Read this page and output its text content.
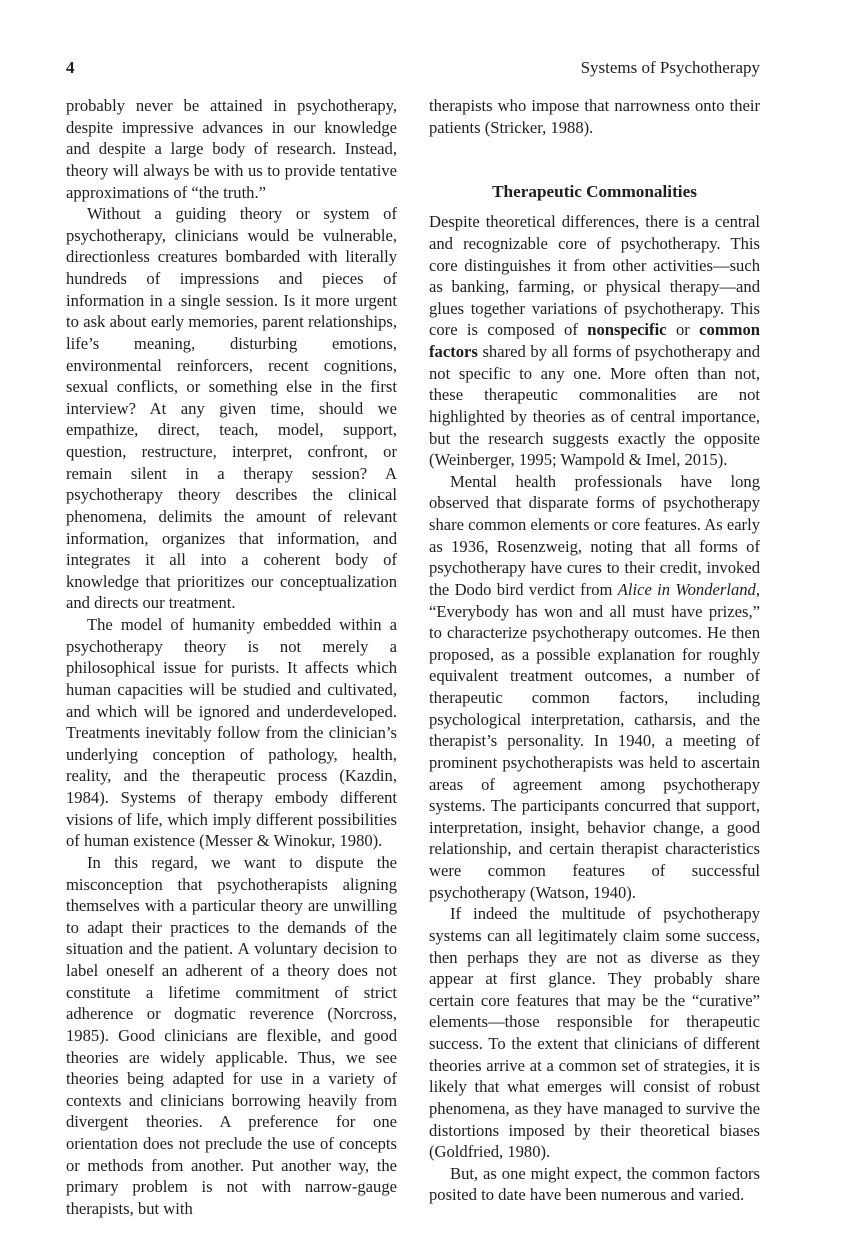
4	Systems of Psychotherapy

probably never be attained in psychotherapy, despite impressive advances in our knowledge and despite a large body of research. Instead, theory will always be with us to provide tentative approximations of “the truth.”

Without a guiding theory or system of psychotherapy, clinicians would be vulnerable, directionless creatures bombarded with literally hundreds of impressions and pieces of information in a single session. Is it more urgent to ask about early memories, parent relationships, life’s meaning, disturbing emotions, environmental reinforcers, recent cognitions, sexual conflicts, or something else in the first interview? At any given time, should we empathize, direct, teach, model, support, question, restructure, interpret, confront, or remain silent in a therapy session? A psychotherapy theory describes the clinical phenomena, delimits the amount of relevant information, organizes that information, and integrates it all into a coherent body of knowledge that prioritizes our conceptualization and directs our treatment.

The model of humanity embedded within a psychotherapy theory is not merely a philosophical issue for purists. It affects which human capacities will be studied and cultivated, and which will be ignored and underdeveloped. Treatments inevitably follow from the clinician’s underlying conception of pathology, health, reality, and the therapeutic process (Kazdin, 1984). Systems of therapy embody different visions of life, which imply different possibilities of human existence (Messer & Winokur, 1980).

In this regard, we want to dispute the misconception that psychotherapists aligning themselves with a particular theory are unwilling to adapt their practices to the demands of the situation and the patient. A voluntary decision to label oneself an adherent of a theory does not constitute a lifetime commitment of strict adherence or dogmatic reverence (Norcross, 1985). Good clinicians are flexible, and good theories are widely applicable. Thus, we see theories being adapted for use in a variety of contexts and clinicians borrowing heavily from divergent theories. A preference for one orientation does not preclude the use of concepts or methods from another. Put another way, the primary problem is not with narrow-gauge therapists, but with

therapists who impose that narrowness onto their patients (Stricker, 1988).

Therapeutic Commonalities

Despite theoretical differences, there is a central and recognizable core of psychotherapy. This core distinguishes it from other activities—such as banking, farming, or physical therapy—and glues together variations of psychotherapy. This core is composed of nonspecific or common factors shared by all forms of psychotherapy and not specific to any one. More often than not, these therapeutic commonalities are not highlighted by theories as of central importance, but the research suggests exactly the opposite (Weinberger, 1995; Wampold & Imel, 2015).

Mental health professionals have long observed that disparate forms of psychotherapy share common elements or core features. As early as 1936, Rosenzweig, noting that all forms of psychotherapy have cures to their credit, invoked the Dodo bird verdict from Alice in Wonderland, “Everybody has won and all must have prizes,” to characterize psychotherapy outcomes. He then proposed, as a possible explanation for roughly equivalent treatment outcomes, a number of therapeutic common factors, including psychological interpretation, catharsis, and the therapist’s personality. In 1940, a meeting of prominent psychotherapists was held to ascertain areas of agreement among psychotherapy systems. The participants concurred that support, interpretation, insight, behavior change, a good relationship, and certain therapist characteristics were common features of successful psychotherapy (Watson, 1940).

If indeed the multitude of psychotherapy systems can all legitimately claim some success, then perhaps they are not as diverse as they appear at first glance. They probably share certain core features that may be the “curative” elements—those responsible for therapeutic success. To the extent that clinicians of different theories arrive at a common set of strategies, it is likely that what emerges will consist of robust phenomena, as they have managed to survive the distortions imposed by their theoretical biases (Goldfried, 1980).

But, as one might expect, the common factors posited to date have been numerous and varied.
